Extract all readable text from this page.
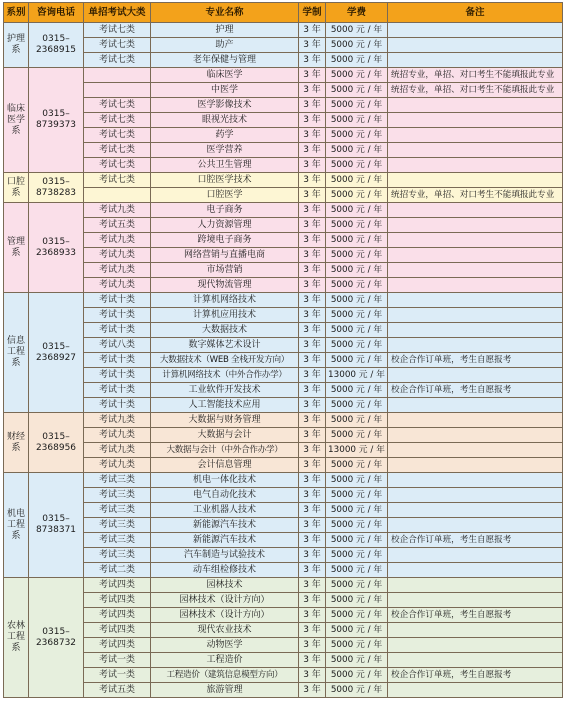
系别	咨询电话	单招考试大类	专业名称	学制	学费	备注
护理系	0315–2368915	考试七类	护理	3 年	5000 元 / 年	
		考试七类	助产	3 年	5000 元 / 年	
		考试七类	老年保健与管理	3 年	5000 元 / 年	
临床医学系	0315–8739373		临床医学	3 年	5000 元 / 年	统招专业，单招、对口考生不能填报此专业
			中医学	3 年	5000 元 / 年	统招专业，单招、对口考生不能填报此专业
		考试七类	医学影像技术	3 年	5000 元 / 年	
		考试七类	眼视光技术	3 年	5000 元 / 年	
		考试七类	药学	3 年	5000 元 / 年	
		考试七类	医学营养	3 年	5000 元 / 年	
		考试七类	公共卫生管理	3 年	5000 元 / 年	
口腔系	0315–8738283	考试七类	口腔医学技术	3 年	5000 元 / 年	
			口腔医学	3 年	5000 元 / 年	统招专业，单招、对口考生不能填报此专业
管理系	0315–2368933	考试九类	电子商务	3 年	5000 元 / 年	
		考试五类	人力资源管理	3 年	5000 元 / 年	
		考试九类	跨境电子商务	3 年	5000 元 / 年	
		考试九类	网络营销与直播电商	3 年	5000 元 / 年	
		考试九类	市场营销	3 年	5000 元 / 年	
		考试九类	现代物流管理	3 年	5000 元 / 年	
信息工程系	0315–2368927	考试十类	计算机网络技术	3 年	5000 元 / 年	
		考试十类	计算机应用技术	3 年	5000 元 / 年	
		考试十类	大数据技术	3 年	5000 元 / 年	
		考试八类	数字媒体艺术设计	3 年	5000 元 / 年	
		考试十类	大数据技术（WEB 全栈开发方向）	3 年	5000 元 / 年	校企合作订单班，考生自愿报考
		考试十类	计算机网络技术（中外合作办学）	3 年	13000 元 / 年	
		考试十类	工业软件开发技术	3 年	5000 元 / 年	校企合作订单班，考生自愿报考
		考试十类	人工智能技术应用	3 年	5000 元 / 年	
财经系	0315–2368956	考试九类	大数据与财务管理	3 年	5000 元 / 年	
		考试九类	大数据与会计	3 年	5000 元 / 年	
		考试九类	大数据与会计（中外合作办学）	3 年	13000 元 / 年	
		考试九类	会计信息管理	3 年	5000 元 / 年	
机电工程系	0315–8738371	考试三类	机电一体化技术	3 年	5000 元 / 年	
		考试三类	电气自动化技术	3 年	5000 元 / 年	
		考试三类	工业机器人技术	3 年	5000 元 / 年	
		考试三类	新能源汽车技术	3 年	5000 元 / 年	
		考试三类	新能源汽车技术	3 年	5000 元 / 年	校企合作订单班，考生自愿报考
		考试三类	汽车制造与试验技术	3 年	5000 元 / 年	
		考试二类	动车组检修技术	3 年	5000 元 / 年	
农林工程系	0315–2368732	考试四类	园林技术	3 年	5000 元 / 年	
		考试四类	园林技术（设计方向）	3 年	5000 元 / 年	
		考试四类	园林技术（设计方向）	3 年	5000 元 / 年	校企合作订单班，考生自愿报考
		考试四类	现代农业技术	3 年	5000 元 / 年	
		考试四类	动物医学	3 年	5000 元 / 年	
		考试一类	工程造价	3 年	5000 元 / 年	
		考试一类	工程造价（建筑信息模型方向）	3 年	5000 元 / 年	校企合作订单班，考生自愿报考
		考试五类	旅游管理	3 年	5000 元 / 年	
